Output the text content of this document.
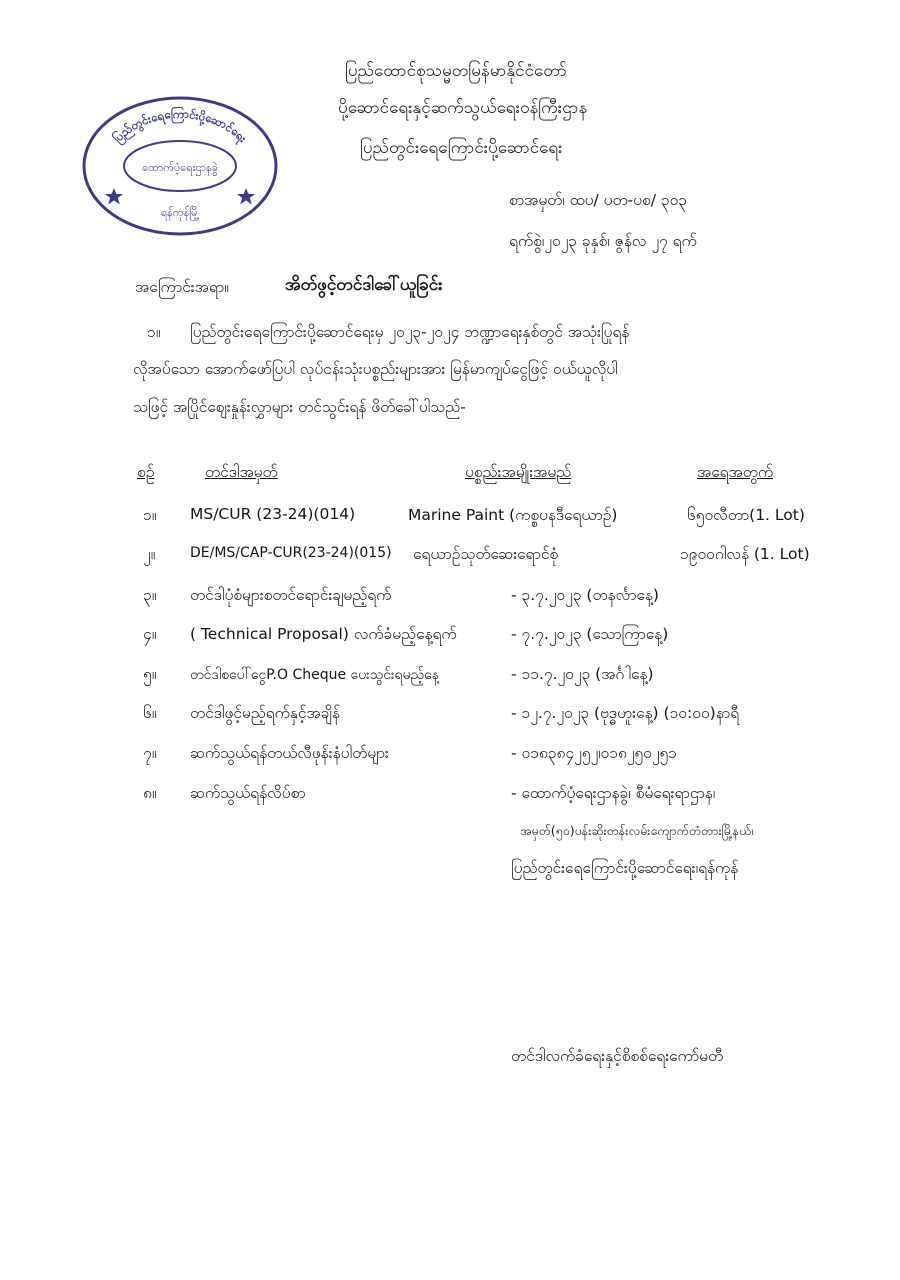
ပြည်တွင်းရေကြောင်းပို့ဆောင်ရေး
ထောက်ပံ့ရေးဌာနခွဲ
ရန်ကုန်မြို့
ပြည်ထောင်စုသမ္မတမြန်မာနိုင်ငံတော်
ပို့ဆောင်ရေးနှင့်ဆက်သွယ်ရေးဝန်ကြီးဌာန
ပြည်တွင်းရေကြောင်းပို့ဆောင်ရေး
စာအမှတ်၊ ထပ/ ပတ-ပစ/ ၃၀၃
ရက်စွဲ၊၂၀၂၃ ခုနှစ်၊ ဇွန်လ ၂၇ ရက်
အကြောင်းအရာ။	အိတ်ဖွင့်တင်ဒါခေါ်ယူခြင်း
၁။ ပြည်တွင်းရေကြောင်းပို့ဆောင်ရေးမှ ၂၀၂၃-၂၀၂၄ ဘဏ္ဍာရေးနှစ်တွင် အသုံးပြုရန်
လိုအပ်သော အောက်ဖော်ပြပါ လုပ်ငန်းသုံးပစ္စည်းများအား မြန်မာကျပ်ငွေဖြင့် ဝယ်ယူလိုပါ
သဖြင့် အပြိုင်စျေးနှုန်းလွှာများ တင်သွင်းရန် ဖိတ်ခေါ်ပါသည်-
စဉ်	တင်ဒါအမှတ်	ပစ္စည်းအမျိုးအမည်	အရေအတွက်
၁။ MS/CUR (23-24)(014)	Marine Paint (ကစ္စပနဒီရေယာဉ်)	၆၅၀လီတာ(1. Lot)
၂။ DE/MS/CAP-CUR(23-24)(015) ရေယာဉ်သုတ်ဆေးရောင်စုံ	၁၉၀၀ဂါလန် (1. Lot)
၃။ တင်ဒါပုံစံများစတင်ရောင်းချမည့်ရက်	- ၃.၇.၂၀၂၃ (တနင်္လာနေ့)
၄။ ( Technical Proposal) လက်ခံမည့်နေ့ရက်	- ၇.၇.၂၀၂၃ (သောကြာနေ့)
၅။ တင်ဒါစပေါ်ငွေP.O Cheque ပေးသွင်းရမည့်နေ့	- ၁၁.၇.၂၀၂၃ (အင်္ဂါနေ့)
၆။ တင်ဒါဖွင့်မည့်ရက်နှင့်အချိန်	- ၁၂.၇.၂၀၂၃ (ဗုဒ္ဓဟူးနေ့) (၁၀:၀၀)နာရီ
၇။ ဆက်သွယ်ရန်တယ်လီဖုန်းနံပါတ်များ	- ၀၁၈၃၈၄၂၅၂၊၀၁၈၂၅၀၂၅၁
၈။ ဆက်သွယ်ရန်လိပ်စာ	- ထောက်ပံ့ရေးဌာနခွဲ၊ စီမံရေးရာဌာန၊
အမှတ်(၅၀)ပန်းဆိုးတန်းလမ်းကျောက်တံတားမြို့နယ်၊
ပြည်တွင်းရေကြောင်းပို့ဆောင်ရေး၊ရန်ကုန်
တင်ဒါလက်ခံရေးနှင့်စိစစ်ရေးကော်မတီ
